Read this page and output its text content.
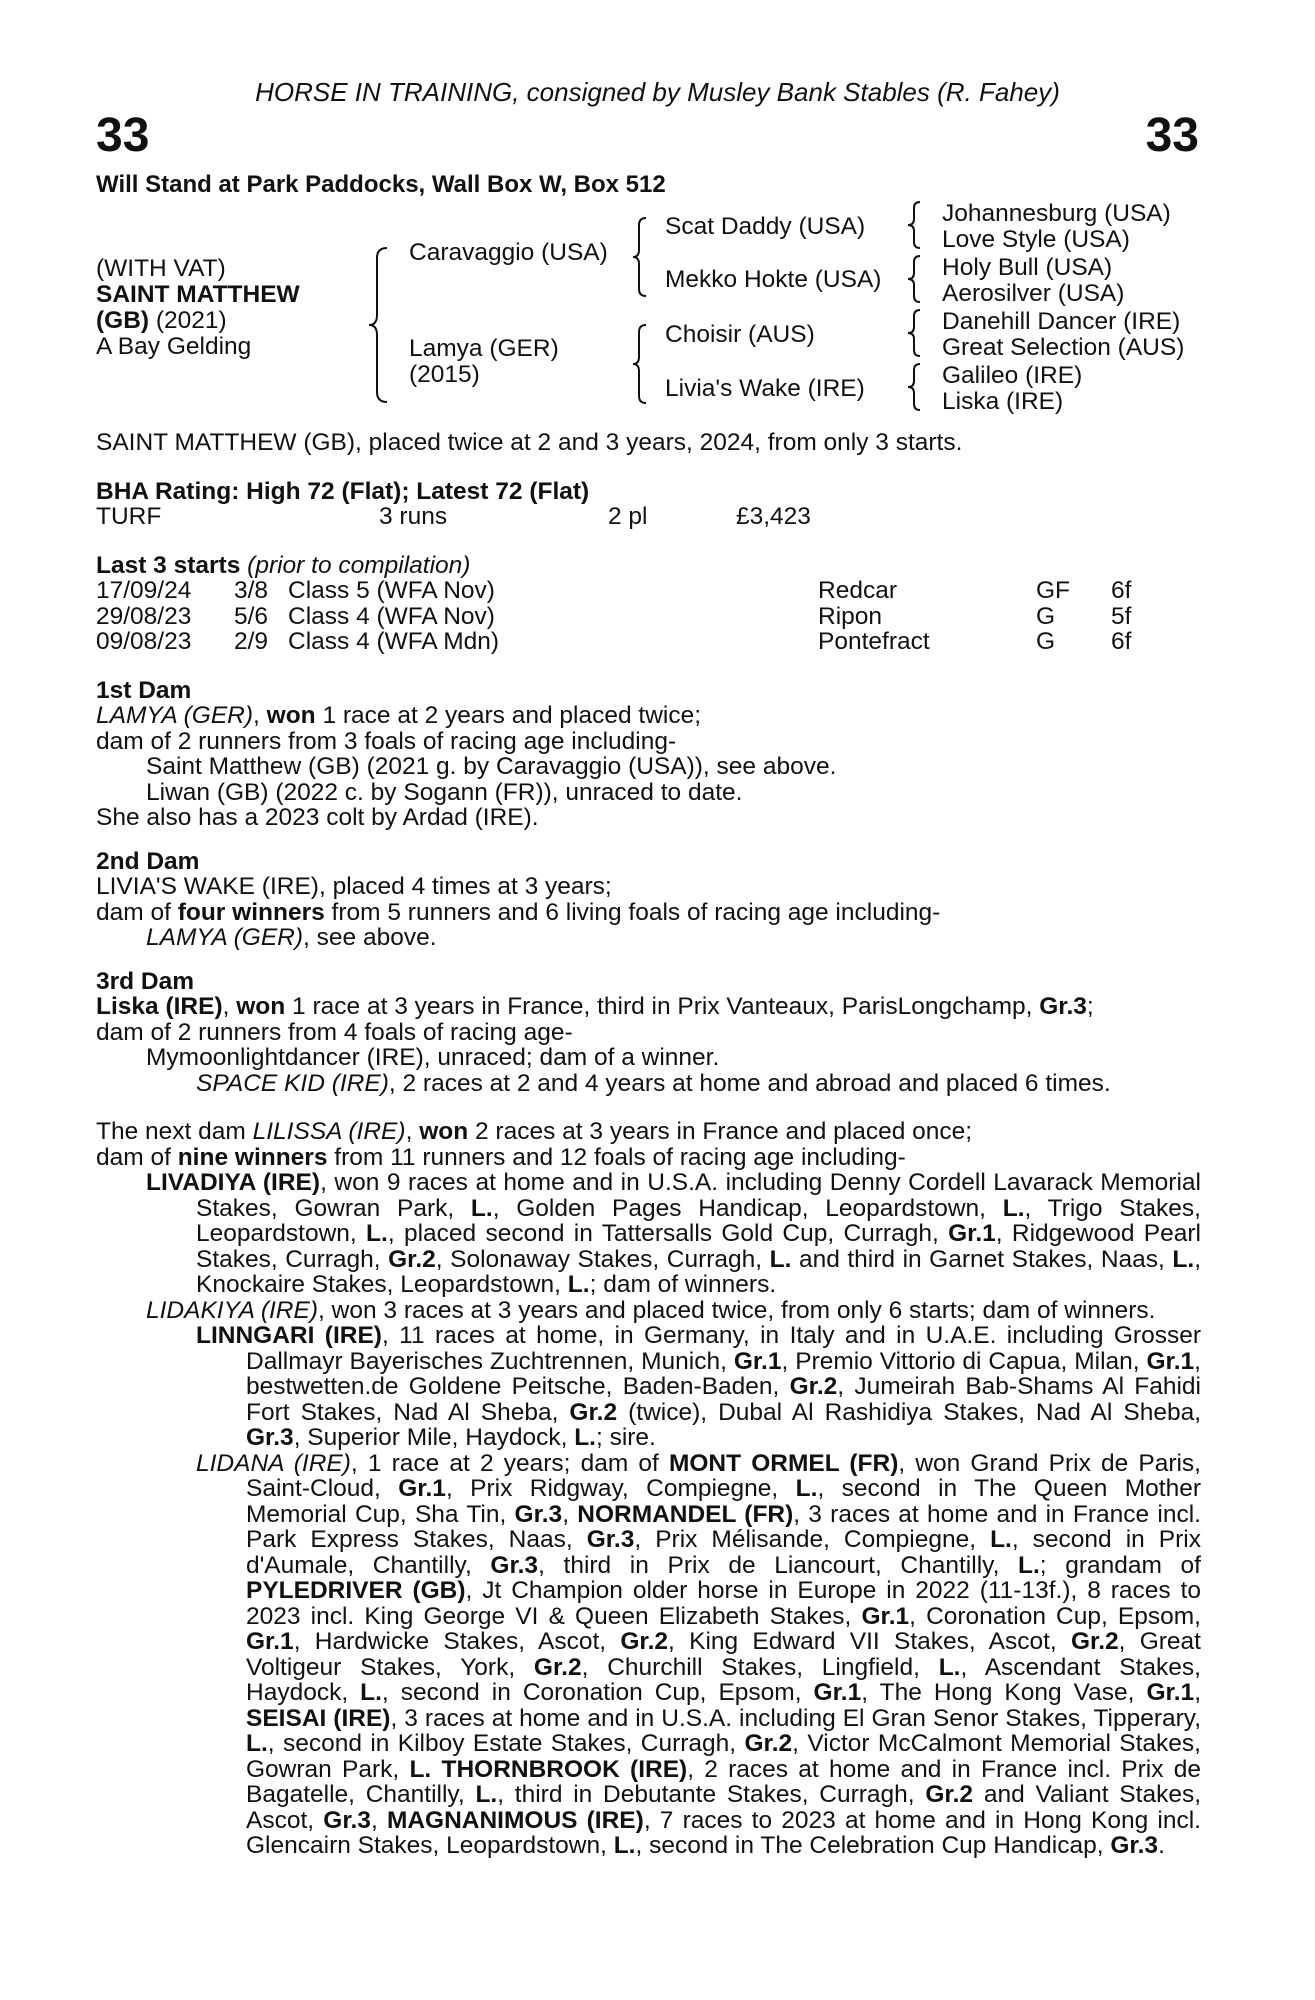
HORSE IN TRAINING, consigned by Musley Bank Stables (R. Fahey)
33	33
Will Stand at Park Paddocks, Wall Box W, Box 512
(WITH VAT)
SAINT MATTHEW
(GB) (2021)
A Bay Gelding
Caravaggio (USA)
Lamya (GER)
(2015)
Scat Daddy (USA)
Mekko Hokte (USA)
Choisir (AUS)
Livia's Wake (IRE)
Johannesburg (USA)
Love Style (USA)
Holy Bull (USA)
Aerosilver (USA)
Danehill Dancer (IRE)
Great Selection (AUS)
Galileo (IRE)
Liska (IRE)

SAINT MATTHEW (GB), placed twice at 2 and 3 years, 2024, from only 3 starts.

BHA Rating: High 72 (Flat); Latest 72 (Flat)

TURF	3 runs	2 pl	£3,423

Last 3 starts (prior to compilation)

17/09/24 3/8 Class 5 (WFA Nov)	Redcar	GF 6f
29/08/23 5/6 Class 4 (WFA Nov)	Ripon	G 5f
09/08/23 2/9 Class 4 (WFA Mdn)	Pontefract	G 6f

1st Dam

LAMYA (GER), won 1 race at 2 years and placed twice;

dam of 2 runners from 3 foals of racing age including-

Saint Matthew (GB) (2021 g. by Caravaggio (USA)), see above.

Liwan (GB) (2022 c. by Sogann (FR)), unraced to date.

She also has a 2023 colt by Ardad (IRE).

2nd Dam

LIVIA'S WAKE (IRE), placed 4 times at 3 years;

dam of four winners from 5 runners and 6 living foals of racing age including-

LAMYA (GER), see above.

3rd Dam

Liska (IRE), won 1 race at 3 years in France, third in Prix Vanteaux, ParisLongchamp, Gr.3;

dam of 2 runners from 4 foals of racing age-

Mymoonlightdancer (IRE), unraced; dam of a winner.

SPACE KID (IRE), 2 races at 2 and 4 years at home and abroad and placed 6 times.

The next dam LILISSA (IRE), won 2 races at 3 years in France and placed once;

dam of nine winners from 11 runners and 12 foals of racing age including-

LIVADIYA (IRE), won 9 races at home and in U.S.A. including Denny Cordell Lavarack Memorial Stakes, Gowran Park, L., Golden Pages Handicap, Leopardstown, L., Trigo Stakes, Leopardstown, L., placed second in Tattersalls Gold Cup, Curragh, Gr.1, Ridgewood Pearl Stakes, Curragh, Gr.2, Solonaway Stakes, Curragh, L. and third in Garnet Stakes, Naas, L., Knockaire Stakes, Leopardstown, L.; dam of winners.

LIDAKIYA (IRE), won 3 races at 3 years and placed twice, from only 6 starts; dam of winners.

LINNGARI (IRE), 11 races at home, in Germany, in Italy and in U.A.E. including Grosser Dallmayr Bayerisches Zuchtrennen, Munich, Gr.1, Premio Vittorio di Capua, Milan, Gr.1, bestwetten.de Goldene Peitsche, Baden-Baden, Gr.2, Jumeirah Bab-Shams Al Fahidi Fort Stakes, Nad Al Sheba, Gr.2 (twice), Dubal Al Rashidiya Stakes, Nad Al Sheba, Gr.3, Superior Mile, Haydock, L.; sire.

LIDANA (IRE), 1 race at 2 years; dam of MONT ORMEL (FR), won Grand Prix de Paris, Saint-Cloud, Gr.1, Prix Ridgway, Compiegne, L., second in The Queen Mother Memorial Cup, Sha Tin, Gr.3, NORMANDEL (FR), 3 races at home and in France incl. Park Express Stakes, Naas, Gr.3, Prix Mélisande, Compiegne, L., second in Prix d'Aumale, Chantilly, Gr.3, third in Prix de Liancourt, Chantilly, L.; grandam of PYLEDRIVER (GB), Jt Champion older horse in Europe in 2022 (11-13f.), 8 races to 2023 incl. King George VI & Queen Elizabeth Stakes, Gr.1, Coronation Cup, Epsom, Gr.1, Hardwicke Stakes, Ascot, Gr.2, King Edward VII Stakes, Ascot, Gr.2, Great Voltigeur Stakes, York, Gr.2, Churchill Stakes, Lingfield, L., Ascendant Stakes, Haydock, L., second in Coronation Cup, Epsom, Gr.1, The Hong Kong Vase, Gr.1, SEISAI (IRE), 3 races at home and in U.S.A. including El Gran Senor Stakes, Tipperary, L., second in Kilboy Estate Stakes, Curragh, Gr.2, Victor McCalmont Memorial Stakes, Gowran Park, L. THORNBROOK (IRE), 2 races at home and in France incl. Prix de Bagatelle, Chantilly, L., third in Debutante Stakes, Curragh, Gr.2 and Valiant Stakes, Ascot, Gr.3, MAGNANIMOUS (IRE), 7 races to 2023 at home and in Hong Kong incl. Glencairn Stakes, Leopardstown, L., second in The Celebration Cup Handicap, Gr.3.
